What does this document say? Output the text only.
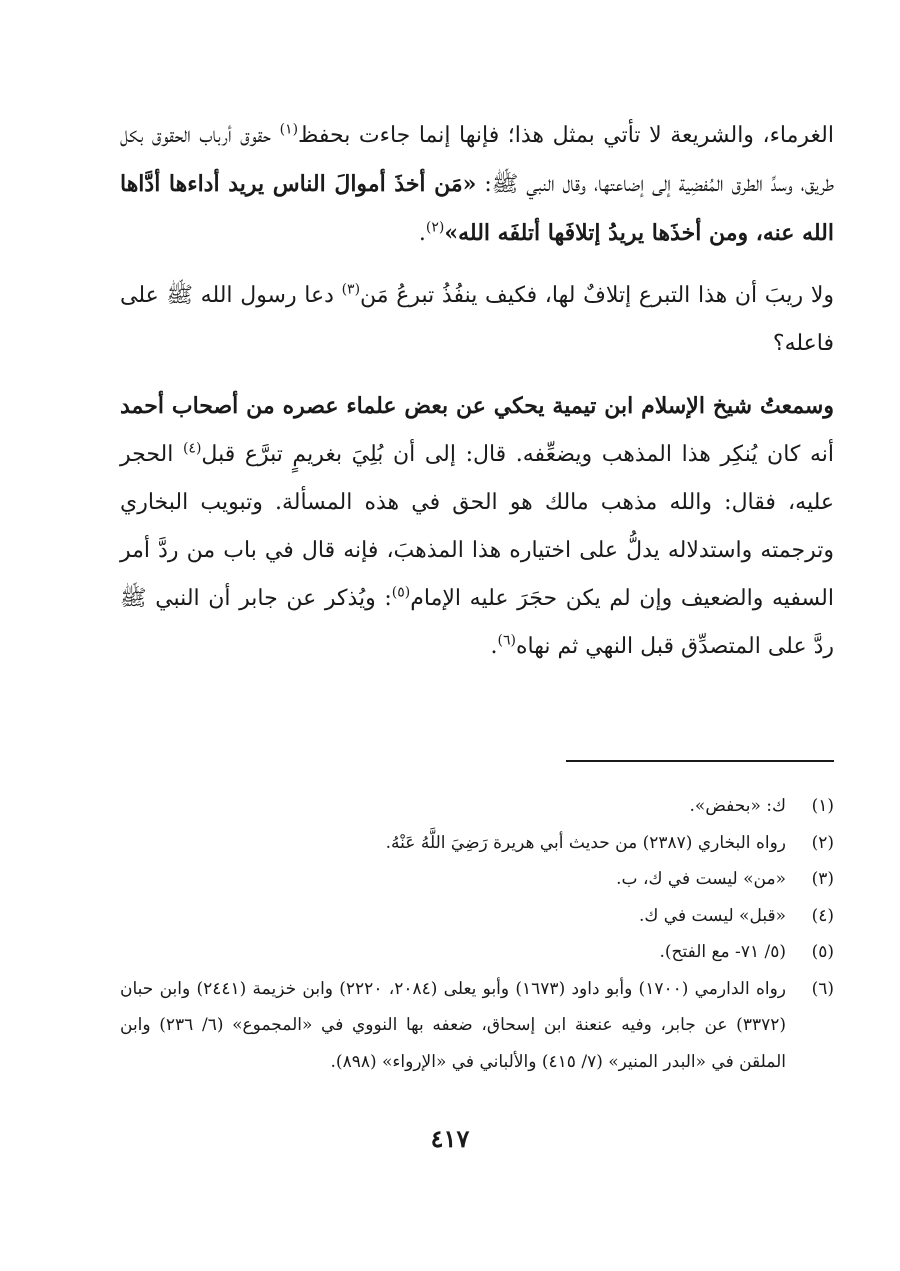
الغرماء، والشريعة لا تأتي بمثل هذا؛ فإنها إنما جاءت بحفظ$^{(١)}$ حقوق أرباب الحقوق بكل طريق، وسدِّ الطرق المُفضِية إلى إضاعتها، وقال النبي ﷺ: «مَن أخذَ أموالَ الناس يريد أداءها أدَّاها الله عنه، ومن أخذَها يريدُ إتلافَها أتلفَه الله»$^{(٢)}$.

ولا ريبَ أن هذا التبرع إتلافٌ لها، فكيف ينفُذُ تبرعُ مَن$^{(٣)}$ دعا رسول الله ﷺ على فاعله؟

وسمعتُ شيخ الإسلام ابن تيمية يحكي عن بعض علماء عصره من أصحاب أحمد أنه كان يُنكِر هذا المذهب ويضعِّفه. قال: إلى أن بُلِيَ بغريمٍ تبرَّع قبل$^{(٤)}$ الحجر عليه، فقال: والله مذهب مالك هو الحق في هذه المسألة. وتبويب البخاري وترجمته واستدلاله يدلُّ على اختياره هذا المذهبَ، فإنه قال في باب من ردَّ أمر السفيه والضعيف وإن لم يكن حجَرَ عليه الإمام$^{(٥)}$: ويُذكر عن جابر أن النبي ﷺ ردَّ على المتصدِّق قبل النهي ثم نهاه$^{(٦)}$.

(١)
ك: «بحفض».
(٢)
رواه البخاري (٢٣٨٧) من حديث أبي هريرة رَضِيَ اللَّهُ عَنْهُ.
(٣)
«من» ليست في ك، ب.
(٤)
«قبل» ليست في ك.
(٥)
(٥/ ٧١- مع الفتح).
(٦)
رواه الدارمي (١٧٠٠) وأبو داود (١٦٧٣) وأبو يعلى (٢٠٨٤، ٢٢٢٠) وابن خزيمة (٢٤٤١) وابن حبان (٣٣٧٢) عن جابر، وفيه عنعنة ابن إسحاق، ضعفه بها النووي في «المجموع» (٦/ ٢٣٦) وابن الملقن في «البدر المنير» (٧/ ٤١٥) والألباني في «الإرواء» (٨٩٨).
٤١٧
